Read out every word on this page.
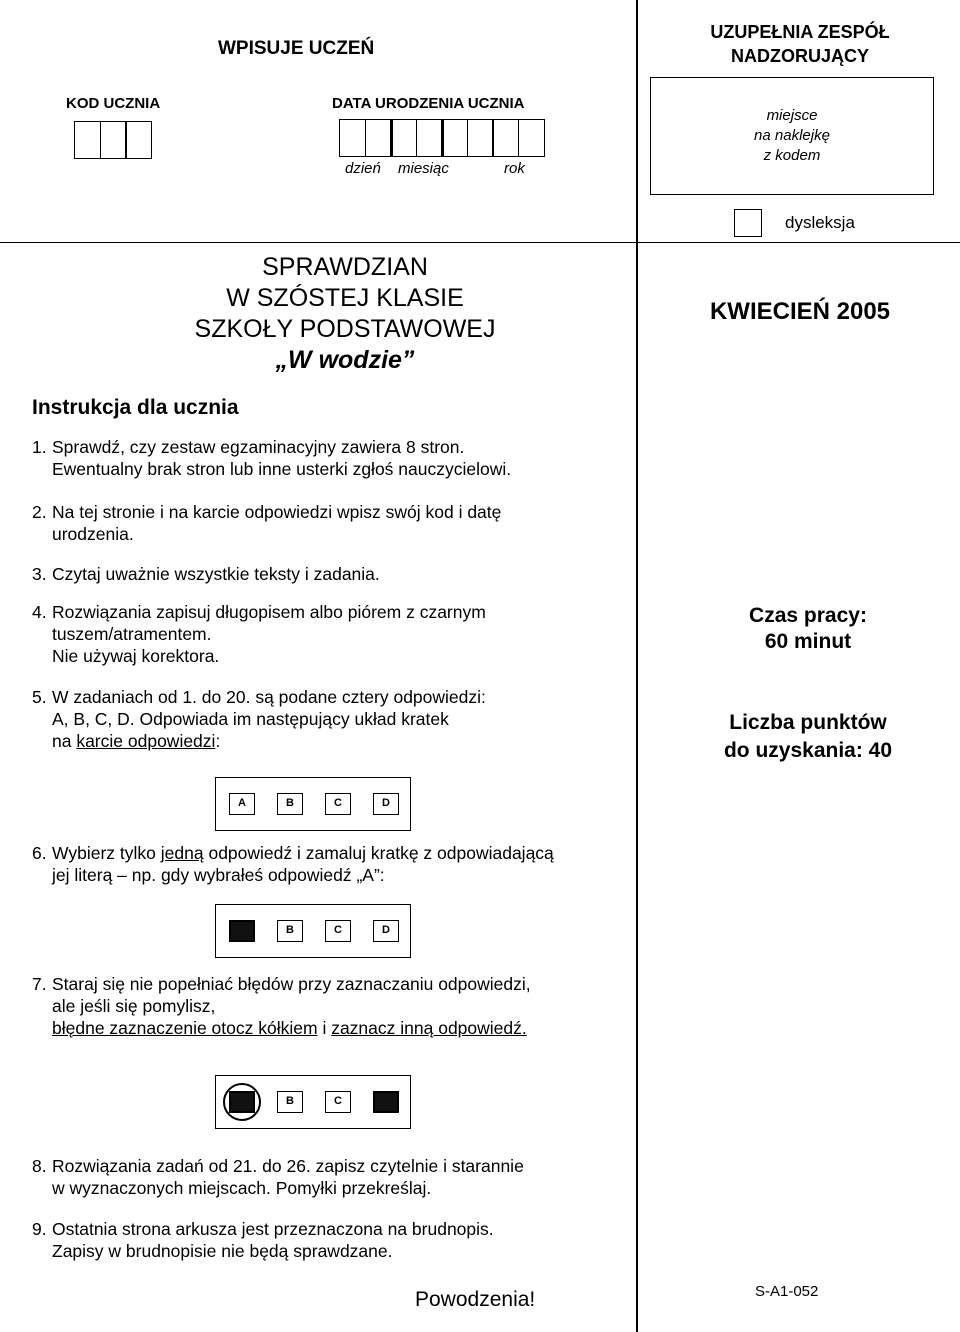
WPISUJE UCZEŃ
KOD UCZNIA	DATA URODZENIA UCZNIA
dzień miesiąc	rok
UZUPEŁNIA ZESPÓŁ NADZORUJĄCY
miejsce
na naklejkę
z kodem
dysleksja
SPRAWDZIAN
W SZÓSTEJ KLASIE
SZKOŁY PODSTAWOWEJ
„W wodzie”
KWIECIEŃ 2005
Instrukcja dla ucznia
1. Sprawdź, czy zestaw egzaminacyjny zawiera 8 stron.
Ewentualny brak stron lub inne usterki zgłoś nauczycielowi.
2. Na tej stronie i na karcie odpowiedzi wpisz swój kod i datę
urodzenia.
3. Czytaj uważnie wszystkie teksty i zadania.
4. Rozwiązania zapisuj długopisem albo piórem z czarnym
tuszem/atramentem.
Nie używaj korektora.
5. W zadaniach od 1. do 20. są podane cztery odpowiedzi:
A, B, C, D. Odpowiada im następujący układ kratek
na karcie odpowiedzi:
A	B	C	D
6. Wybierz tylko jedną odpowiedź i zamaluj kratkę z odpowiadającą
jej literą – np. gdy wybrałeś odpowiedź „A”:
B	C	D
7. Staraj się nie popełniać błędów przy zaznaczaniu odpowiedzi,
ale jeśli się pomylisz,
błędne zaznaczenie otocz kółkiem i zaznacz inną odpowiedź.
B	C
8. Rozwiązania zadań od 21. do 26. zapisz czytelnie i starannie
w wyznaczonych miejscach. Pomyłki przekreślaj.
9. Ostatnia strona arkusza jest przeznaczona na brudnopis.
Zapisy w brudnopisie nie będą sprawdzane.
Czas pracy:
60 minut
Liczba punktów
do uzyskania: 40
Powodzenia!	S-A1-052
